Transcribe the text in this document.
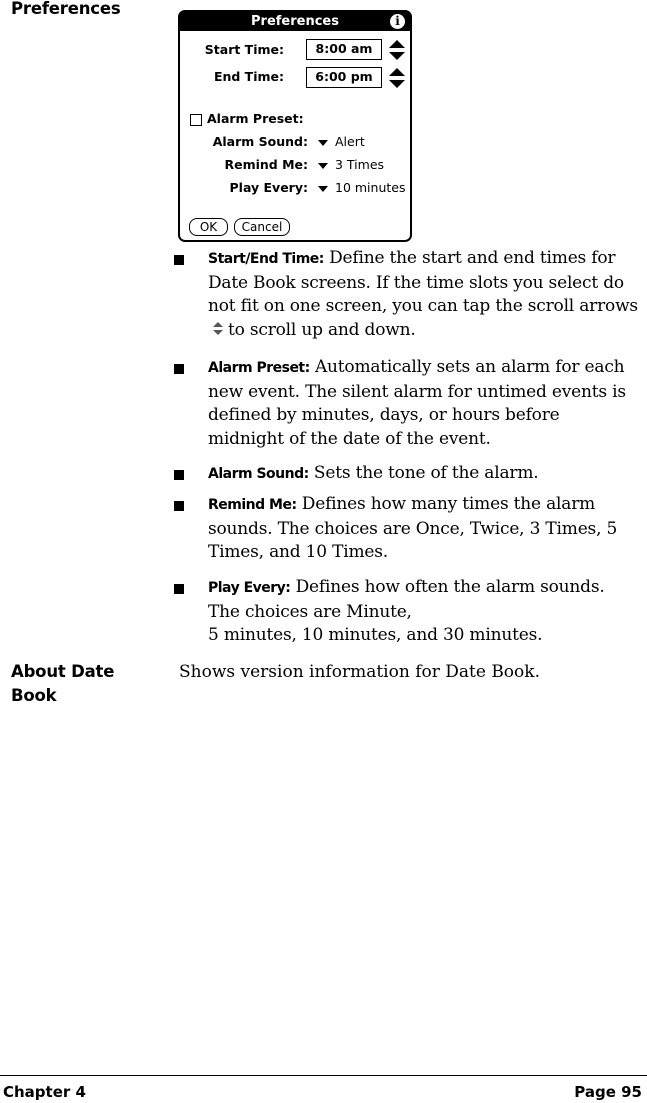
Preferences
Preferences	i
Start Time:	8:00 am
End Time:	6:00 pm
Alarm Preset:
Alarm Sound: Alert
Remind Me: 3 Times
Play Every: 10 minutes
OK	Cancel
Start/End Time: Define the start and end times for Date Book screens. If the time slots you select do not fit on one screen, you can tap the scroll arrowsto scroll up and down.
Alarm Preset: Automatically sets an alarm for each new event. The silent alarm for untimed events is defined by minutes, days, or hours before midnight of the date of the event.
Alarm Sound: Sets the tone of the alarm.
Remind Me: Defines how many times the alarm sounds. The choices are Once, Twice, 3 Times, 5 Times, and 10 Times.
Play Every: Defines how often the alarm sounds. The choices are Minute,
5 minutes, 10 minutes, and 30 minutes.
About Date
Book
Shows version information for Date Book.
Chapter 4	Page 95
